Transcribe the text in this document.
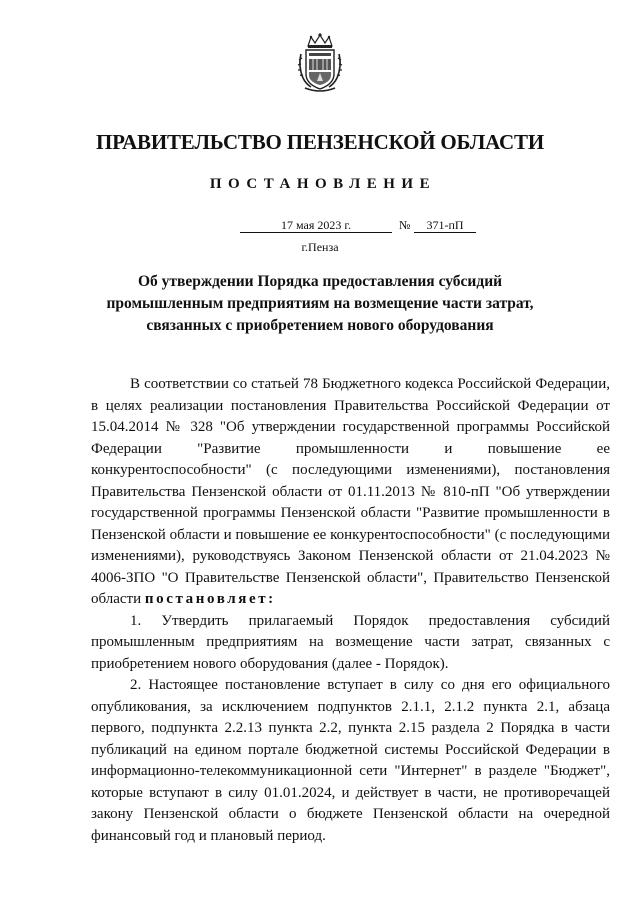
ПРАВИТЕЛЬСТВО ПЕНЗЕНСКОЙ ОБЛАСТИ
ПОСТАНОВЛЕНИЕ
17 мая 2023 г.	№	371-пП
г.Пенза
Об утверждении Порядка предоставления субсидий промышленным предприятиям на возмещение части затрат, связанных с приобретением нового оборудования

В соответствии со статьей 78 Бюджетного кодекса Российской Федерации, в целях реализации постановления Правительства Российской Федерации от 15.04.2014 № 328 "Об утверждении государственной программы Российской Федерации "Развитие промышленности и повышение ее конкурентоспособности" (с последующими изменениями), постановления Правительства Пензенской области от 01.11.2013 № 810-пП "Об утверждении государственной программы Пензенской области "Развитие промышленности в Пензенской области и повышение ее конкурентоспособности" (с последующими изменениями), руководствуясь Законом Пензенской области от 21.04.2023 № 4006-ЗПО "О Правительстве Пензенской области", Правительство Пензенской области постановляет:

1. Утвердить прилагаемый Порядок предоставления субсидий промышленным предприятиям на возмещение части затрат, связанных с приобретением нового оборудования (далее - Порядок).

2. Настоящее постановление вступает в силу со дня его официального опубликования, за исключением подпунктов 2.1.1, 2.1.2 пункта 2.1, абзаца первого, подпункта 2.2.13 пункта 2.2, пункта 2.15 раздела 2 Порядка в части публикаций на едином портале бюджетной системы Российской Федерации в информационно-телекоммуникационной сети "Интернет" в разделе "Бюджет", которые вступают в силу 01.01.2024, и действует в части, не противоречащей закону Пензенской области о бюджете Пензенской области на очередной финансовый год и плановый период.
